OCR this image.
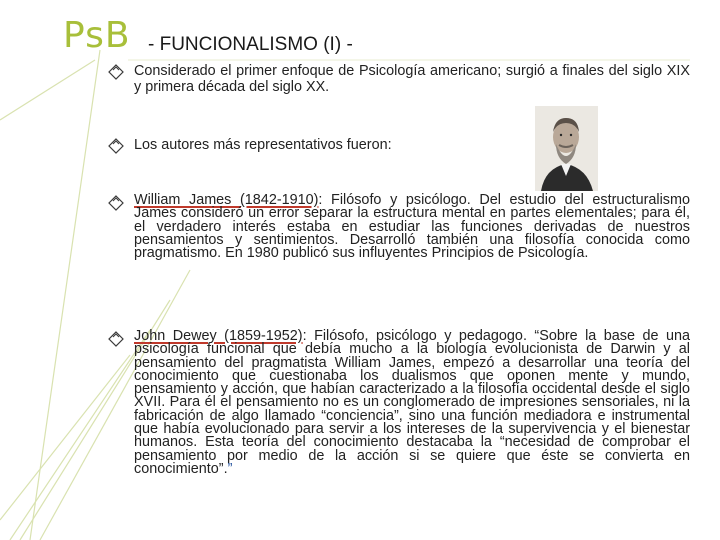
PsB - FUNCIONALISMO (I) -
Considerado el primer enfoque de Psicología americano; surgió a finales del siglo XIX y primera década del siglo XX.
Los autores más representativos fueron:
William James (1842-1910): Filósofo y psicólogo. Del estudio del estructuralismo James consideró un error separar la estructura mental en partes elementales; para él, el verdadero interés estaba en estudiar las funciones derivadas de nuestros pensamientos y sentimientos. Desarrolló también una filosofía conocida como pragmatismo. En 1980 publicó sus influyentes Principios de Psicología.
John Dewey (1859-1952): Filósofo, psicólogo y pedagogo. “Sobre la base de una psicología funcional que debía mucho a la biología evolucionista de Darwin y al pensamiento del pragmatista William James, empezó a desarrollar una teoría del conocimiento que cuestionaba los dualismos que oponen mente y mundo, pensamiento y acción, que habían caracterizado a la filosofía occidental desde el siglo XVII. Para él el pensamiento no es un conglomerado de impresiones sensoriales, ni la fabricación de algo llamado “conciencia”, sino una función mediadora e instrumental que había evolucionado para servir a los intereses de la supervivencia y el bienestar humanos. Esta teoría del conocimiento destacaba la “necesidad de comprobar el pensamiento por medio de la acción si se quiere que éste se convierta en conocimiento”.”
